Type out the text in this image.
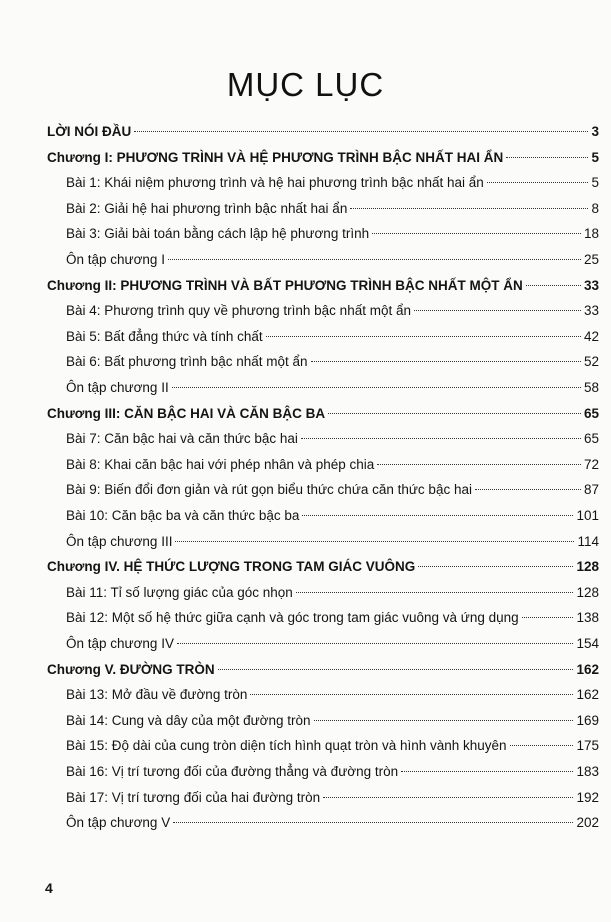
MỤC LỤC
LỜI NÓI ĐẦU	3
Chương I: PHƯƠNG TRÌNH VÀ HỆ PHƯƠNG TRÌNH BẬC NHẤT HAI ẨN	5
Bài 1: Khái niệm phương trình và hệ hai phương trình bậc nhất hai ẩn	5
Bài 2: Giải hệ hai phương trình bậc nhất hai ẩn	8
Bài 3: Giải bài toán bằng cách lập hệ phương trình	18
Ôn tập chương I	25
Chương II: PHƯƠNG TRÌNH VÀ BẤT PHƯƠNG TRÌNH BẬC NHẤT MỘT ẨN	33
Bài 4: Phương trình quy về phương trình bậc nhất một ẩn	33
Bài 5: Bất đẳng thức và tính chất	42
Bài 6: Bất phương trình bậc nhất một ẩn	52
Ôn tập chương II	58
Chương III: CĂN BẬC HAI VÀ CĂN BẬC BA	65
Bài 7: Căn bậc hai và căn thức bậc hai	65
Bài 8: Khai căn bậc hai với phép nhân và phép chia	72
Bài 9: Biến đổi đơn giản và rút gọn biểu thức chứa căn thức bậc hai	87
Bài 10: Căn bậc ba và căn thức bậc ba	101
Ôn tập chương III	114
Chương IV. HỆ THỨC LƯỢNG TRONG TAM GIÁC VUÔNG	128
Bài 11: Tỉ số lượng giác của góc nhọn	128
Bài 12: Một số hệ thức giữa cạnh và góc trong tam giác vuông và ứng dụng	138
Ôn tập chương IV	154
Chương V. ĐƯỜNG TRÒN	162
Bài 13: Mở đầu về đường tròn	162
Bài 14: Cung và dây của một đường tròn	169
Bài 15: Độ dài của cung tròn diện tích hình quạt tròn và hình vành khuyên	175
Bài 16: Vị trí tương đối của đường thẳng và đường tròn	183
Bài 17: Vị trí tương đối của hai đường tròn	192
Ôn tập chương V	202
4
